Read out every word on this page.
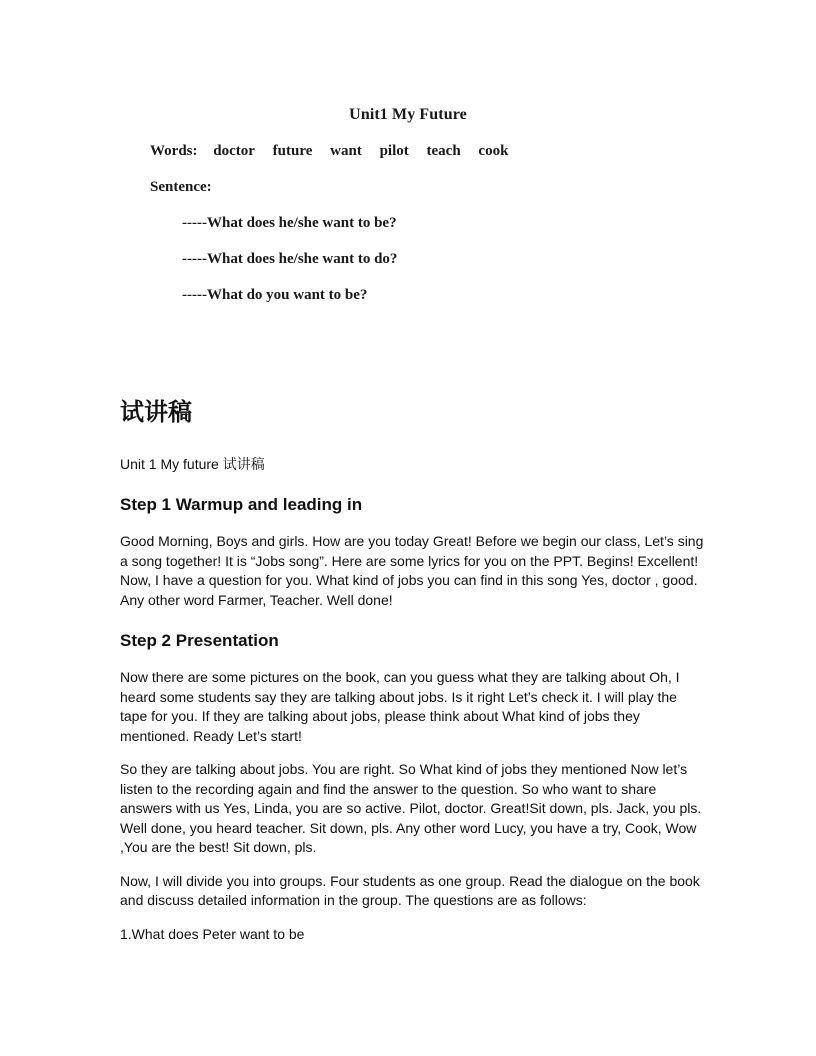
Unit1 My Future
Words: doctor future want pilot teach cook
Sentence:
-----What does he/she want to be?
-----What does he/she want to do?
-----What do you want to be?
试讲稿
Unit 1 My future 试讲稿
Step 1 Warmup and leading in
Good Morning, Boys and girls. How are you today Great! Before we begin our class, Let’s sing a song together! It is “Jobs song”. Here are some lyrics for you on the PPT. Begins! Excellent! Now, I have a question for you. What kind of jobs you can find in this song Yes, doctor , good. Any other word Farmer, Teacher. Well done!
Step 2 Presentation
Now there are some pictures on the book, can you guess what they are talking about Oh, I heard some students say they are talking about jobs. Is it right Let’s check it. I will play the tape for you. If they are talking about jobs, please think about What kind of jobs they mentioned. Ready Let’s start!
So they are talking about jobs. You are right. So What kind of jobs they mentioned Now let’s listen to the recording again and find the answer to the question. So who want to share answers with us Yes, Linda, you are so active. Pilot, doctor. Great!Sit down, pls. Jack, you pls. Well done, you heard teacher. Sit down, pls. Any other word Lucy, you have a try, Cook, Wow ,You are the best! Sit down, pls.
Now, I will divide you into groups. Four students as one group. Read the dialogue on the book and discuss detailed information in the group. The questions are as follows:
1.What does Peter want to be
